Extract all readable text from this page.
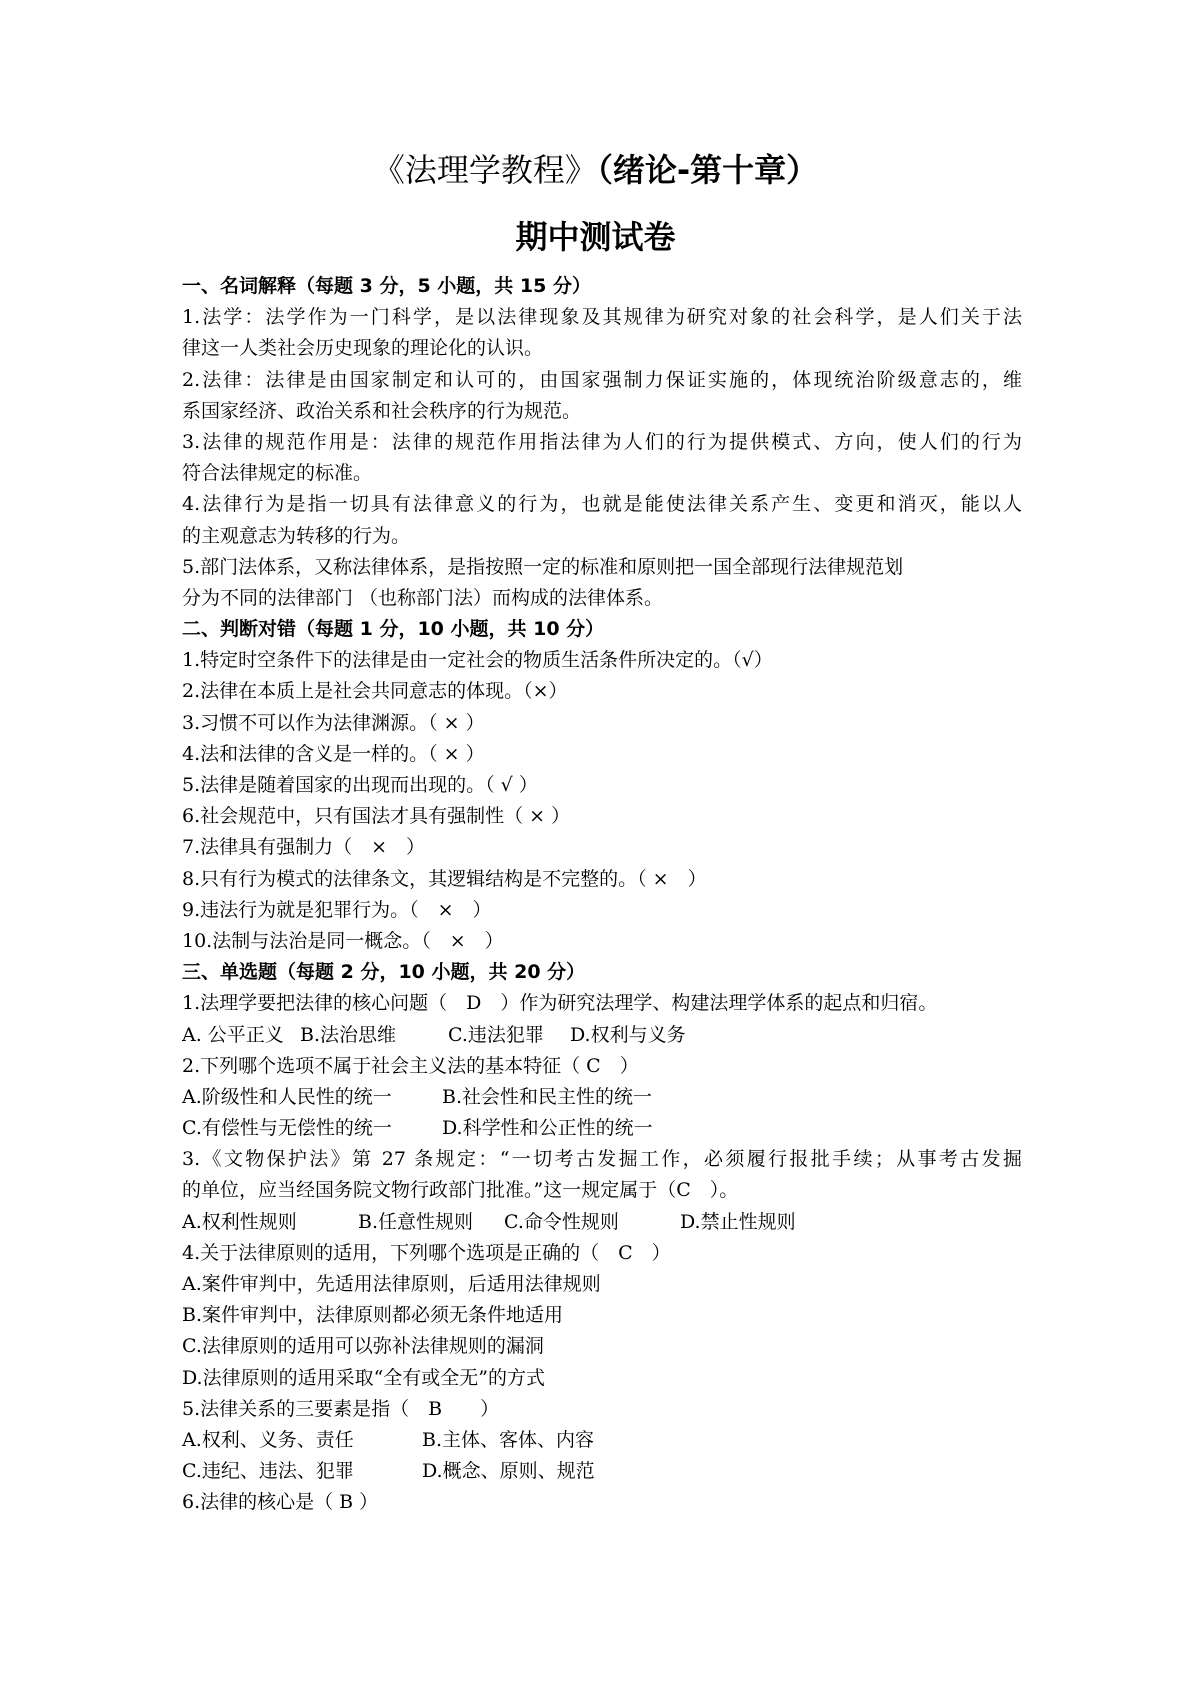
《法理学教程》（绪论-第十章）
期中测试卷
一、名词解释（每题 3 分，5 小题，共 15 分）
1.法学：法学作为一门科学，是以法律现象及其规律为研究对象的社会科学，是人们关于法
律这一人类社会历史现象的理论化的认识。
2.法律：法律是由国家制定和认可的，由国家强制力保证实施的，体现统治阶级意志的，维
系国家经济、政治关系和社会秩序的行为规范。
3.法律的规范作用是：法律的规范作用指法律为人们的行为提供模式、方向，使人们的行为
符合法律规定的标准。
4.法律行为是指一切具有法律意义的行为，也就是能使法律关系产生、变更和消灭，能以人
的主观意志为转移的行为。
5.部门法体系，又称法律体系，是指按照一定的标准和原则把一国全部现行法律规范划
分为不同的法律部门 （也称部门法）而构成的法律体系。
二、判断对错（每题 1 分，10 小题，共 10 分）
1.特定时空条件下的法律是由一定社会的物质生活条件所决定的。（√）
2.法律在本质上是社会共同意志的体现。（×）
3.习惯不可以作为法律渊源。（ × ）
4.法和法律的含义是一样的。（ × ）
5.法律是随着国家的出现而出现的。（ √ ）
6.社会规范中，只有国法才具有强制性（ × ）
7.法律具有强制力（　×　）
8.只有行为模式的法律条文，其逻辑结构是不完整的。（ ×　）
9.违法行为就是犯罪行为。（　×　）
10.法制与法治是同一概念。（　×　）
三、单选题（每题 2 分，10 小题，共 20 分）
1.法理学要把法律的核心问题（　D　）作为研究法理学、构建法理学体系的起点和归宿。
A. 公平正义 B.法治思维	C.违法犯罪 D.权利与义务
2.下列哪个选项不属于社会主义法的基本特征（ C　）
A.阶级性和人民性的统一	B.社会性和民主性的统一
C.有偿性与无偿性的统一	D.科学性和公正性的统一
3.《文物保护法》第 27 条规定：“一切考古发掘工作，必须履行报批手续；从事考古发掘
的单位，应当经国务院文物行政部门批准。”这一规定属于（C　）。
A.权利性规则	B.任意性规则 C.命令性规则	D.禁止性规则
4.关于法律原则的适用，下列哪个选项是正确的（　C　）
A.案件审判中，先适用法律原则，后适用法律规则
B.案件审判中，法律原则都必须无条件地适用
C.法律原则的适用可以弥补法律规则的漏洞
D.法律原则的适用采取“全有或全无”的方式
5.法律关系的三要素是指（　B　　）
A.权利、义务、责任	B.主体、客体、内容
C.违纪、违法、犯罪	D.概念、原则、规范
6.法律的核心是（ B ）
